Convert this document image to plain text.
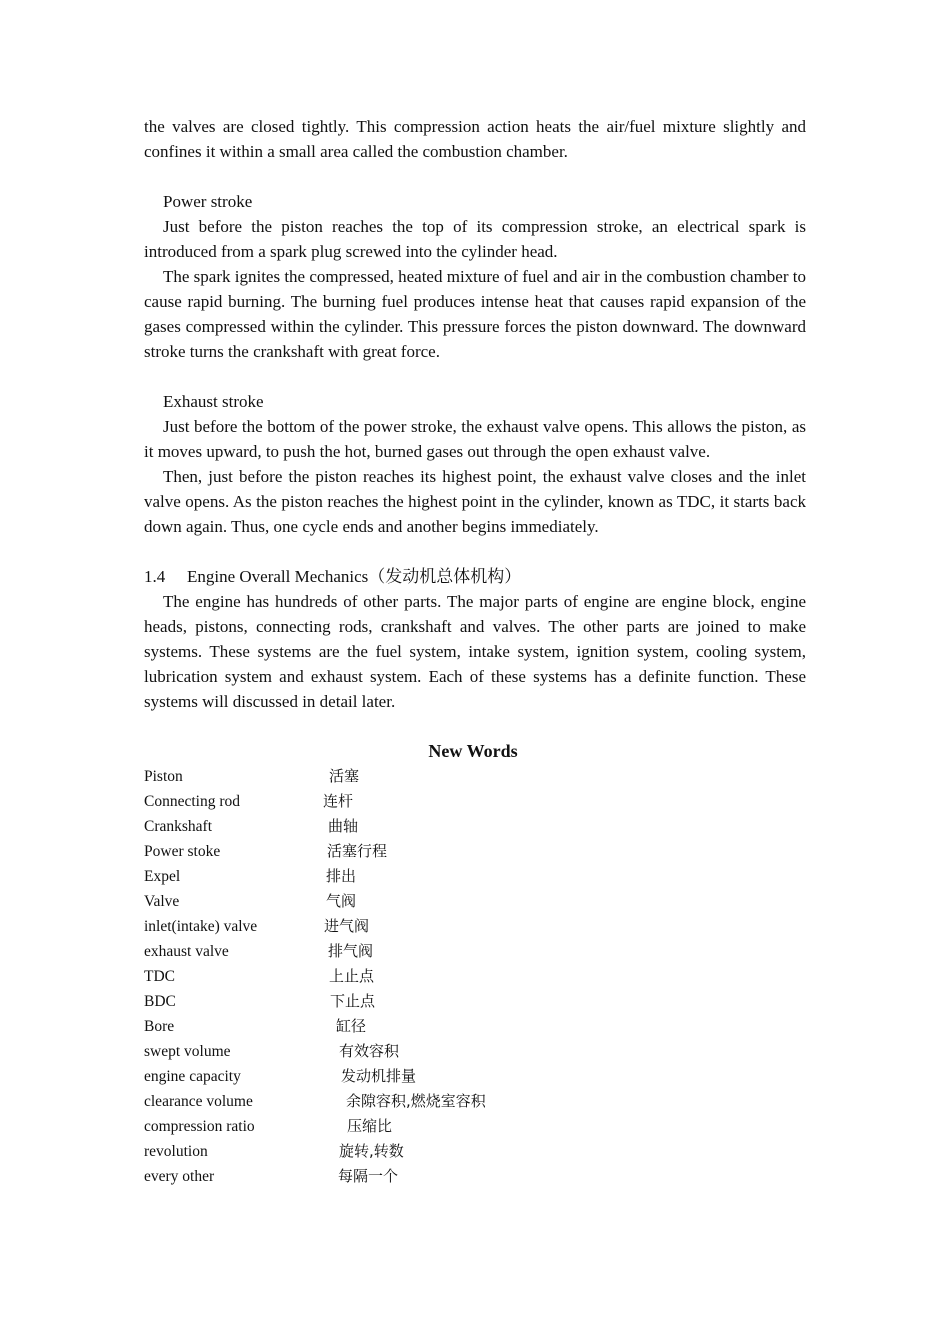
the valves are closed tightly. This compression action heats the air/fuel mixture slightly and confines it within a small area called the combustion chamber.

Power stroke

Just before the piston reaches the top of its compression stroke, an electrical spark is introduced from a spark plug screwed into the cylinder head.

The spark ignites the compressed, heated mixture of fuel and air in the combustion chamber to cause rapid burning. The burning fuel produces intense heat that causes rapid expansion of the gases compressed within the cylinder. This pressure forces the piston downward. The downward stroke turns the crankshaft with great force.

Exhaust stroke

Just before the bottom of the power stroke, the exhaust valve opens. This allows the piston, as it moves upward, to push the hot, burned gases out through the open exhaust valve.

Then, just before the piston reaches its highest point, the exhaust valve closes and the inlet valve opens. As the piston reaches the highest point in the cylinder, known as TDC, it starts back down again. Thus, one cycle ends and another begins immediately.

1.4 Engine Overall Mechanics（发动机总体机构）

The engine has hundreds of other parts. The major parts of engine are engine block, engine heads, pistons, connecting rods, crankshaft and valves. The other parts are joined to make systems. These systems are the fuel system, intake system, ignition system, cooling system, lubrication system and exhaust system. Each of these systems has a definite function. These systems will discussed in detail later.

New Words

Piston	活塞
Connecting rod	连杆
Crankshaft	曲轴
Power stoke	活塞行程
Expel	排出
Valve	气阀
inlet(intake) valve	进气阀
exhaust valve	排气阀
TDC	上止点
BDC	下止点
Bore	缸径
swept volume	有效容积
engine capacity	发动机排量
clearance volume	余隙容积,燃烧室容积
compression ratio	压缩比
revolution	旋转,转数
every other	每隔一个
